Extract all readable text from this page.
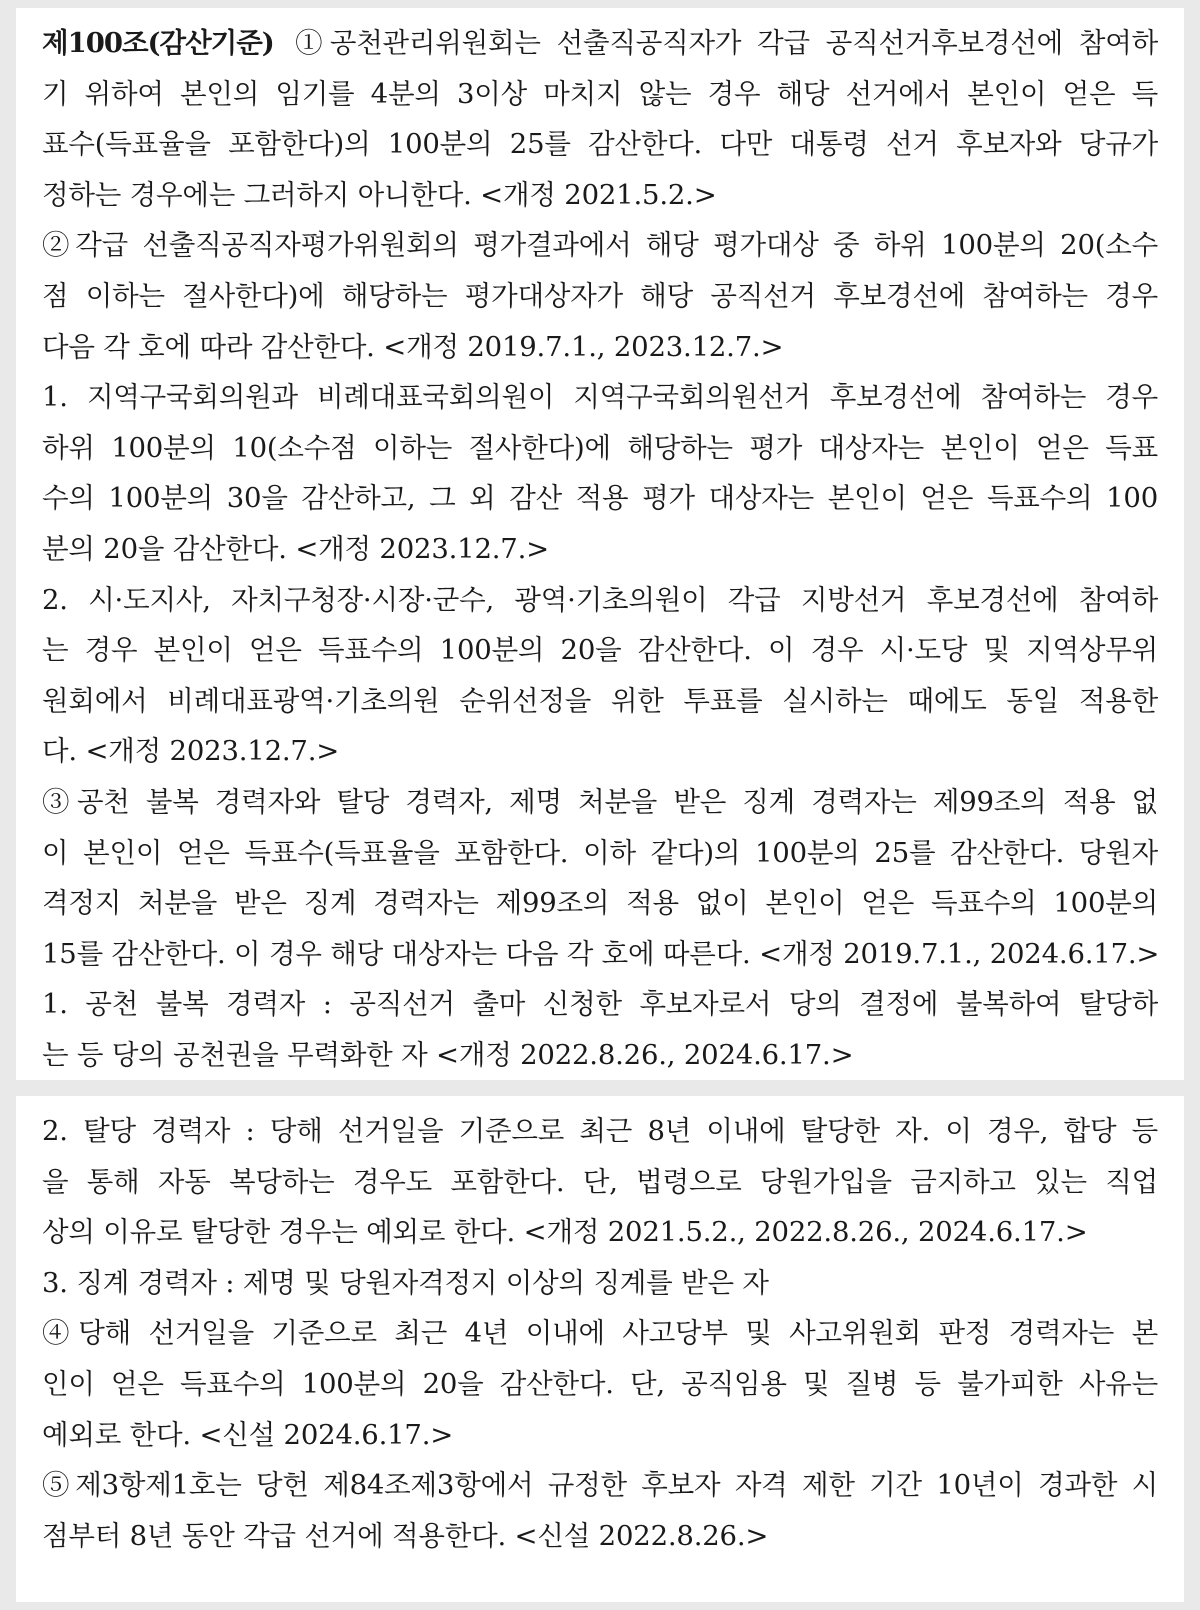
제100조(감산기준) ①공천관리위원회는 선출직공직자가 각급 공직선거후보경선에 참여하
기 위하여 본인의 임기를 4분의 3이상 마치지 않는 경우 해당 선거에서 본인이 얻은 득
표수(득표율을 포함한다)의 100분의 25를 감산한다. 다만 대통령 선거 후보자와 당규가
정하는 경우에는 그러하지 아니한다. <개정 2021.5.2.>
②각급 선출직공직자평가위원회의 평가결과에서 해당 평가대상 중 하위 100분의 20(소수
점 이하는 절사한다)에 해당하는 평가대상자가 해당 공직선거 후보경선에 참여하는 경우
다음 각 호에 따라 감산한다. <개정 2019.7.1., 2023.12.7.>
1. 지역구국회의원과 비례대표국회의원이 지역구국회의원선거 후보경선에 참여하는 경우
하위 100분의 10(소수점 이하는 절사한다)에 해당하는 평가 대상자는 본인이 얻은 득표
수의 100분의 30을 감산하고, 그 외 감산 적용 평가 대상자는 본인이 얻은 득표수의 100
분의 20을 감산한다. <개정 2023.12.7.>
2. 시·도지사, 자치구청장·시장·군수, 광역·기초의원이 각급 지방선거 후보경선에 참여하
는 경우 본인이 얻은 득표수의 100분의 20을 감산한다. 이 경우 시·도당 및 지역상무위
원회에서 비례대표광역·기초의원 순위선정을 위한 투표를 실시하는 때에도 동일 적용한
다. <개정 2023.12.7.>
③공천 불복 경력자와 탈당 경력자, 제명 처분을 받은 징계 경력자는 제99조의 적용 없
이 본인이 얻은 득표수(득표율을 포함한다. 이하 같다)의 100분의 25를 감산한다. 당원자
격정지 처분을 받은 징계 경력자는 제99조의 적용 없이 본인이 얻은 득표수의 100분의
15를 감산한다. 이 경우 해당 대상자는 다음 각 호에 따른다. <개정 2019.7.1., 2024.6.17.>
1. 공천 불복 경력자 : 공직선거 출마 신청한 후보자로서 당의 결정에 불복하여 탈당하
는 등 당의 공천권을 무력화한 자 <개정 2022.8.26., 2024.6.17.>
2. 탈당 경력자 : 당해 선거일을 기준으로 최근 8년 이내에 탈당한 자. 이 경우, 합당 등
을 통해 자동 복당하는 경우도 포함한다. 단, 법령으로 당원가입을 금지하고 있는 직업
상의 이유로 탈당한 경우는 예외로 한다. <개정 2021.5.2., 2022.8.26., 2024.6.17.>
3. 징계 경력자 : 제명 및 당원자격정지 이상의 징계를 받은 자
④당해 선거일을 기준으로 최근 4년 이내에 사고당부 및 사고위원회 판정 경력자는 본
인이 얻은 득표수의 100분의 20을 감산한다. 단, 공직임용 및 질병 등 불가피한 사유는
예외로 한다. <신설 2024.6.17.>
⑤제3항제1호는 당헌 제84조제3항에서 규정한 후보자 자격 제한 기간 10년이 경과한 시
점부터 8년 동안 각급 선거에 적용한다. <신설 2022.8.26.>
